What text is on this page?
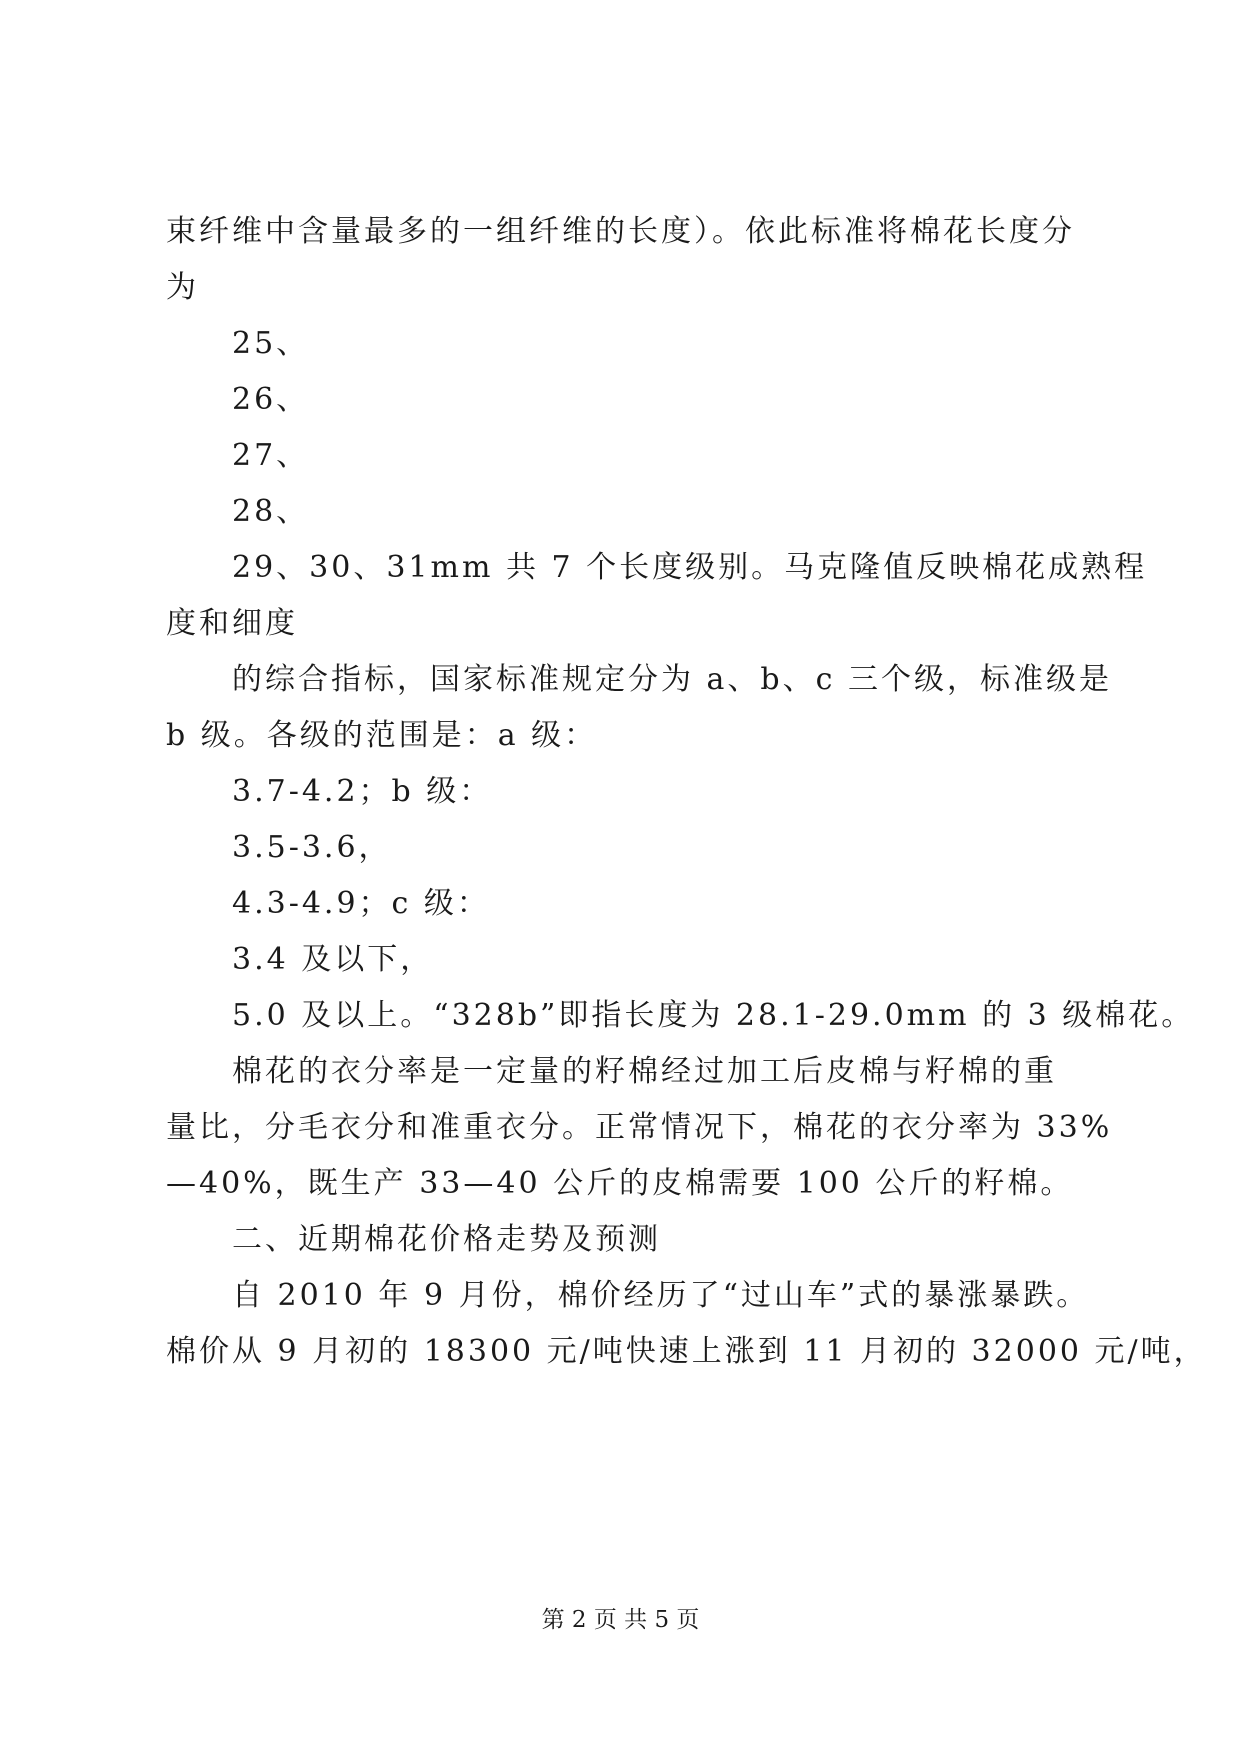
束纤维中含量最多的一组纤维的长度）。依此标准将棉花长度分
为
25、
26、
27、
28、
29、30、31mm 共 7 个长度级别。马克隆值反映棉花成熟程
度和细度
的综合指标，国家标准规定分为 a、b、c 三个级，标准级是
b 级。各级的范围是：a 级：
3.7-4.2；b 级：
3.5-3.6，
4.3-4.9；c 级：
3.4 及以下，
5.0 及以上。“328b”即指长度为 28.1-29.0mm 的 3 级棉花。
棉花的衣分率是一定量的籽棉经过加工后皮棉与籽棉的重
量比，分毛衣分和准重衣分。正常情况下，棉花的衣分率为 33%
—40%，既生产 33—40 公斤的皮棉需要 100 公斤的籽棉。
二、近期棉花价格走势及预测
自 2010 年 9 月份，棉价经历了“过山车”式的暴涨暴跌。
棉价从 9 月初的 18300 元/吨快速上涨到 11 月初的 32000 元/吨，
第 2 页 共 5 页
